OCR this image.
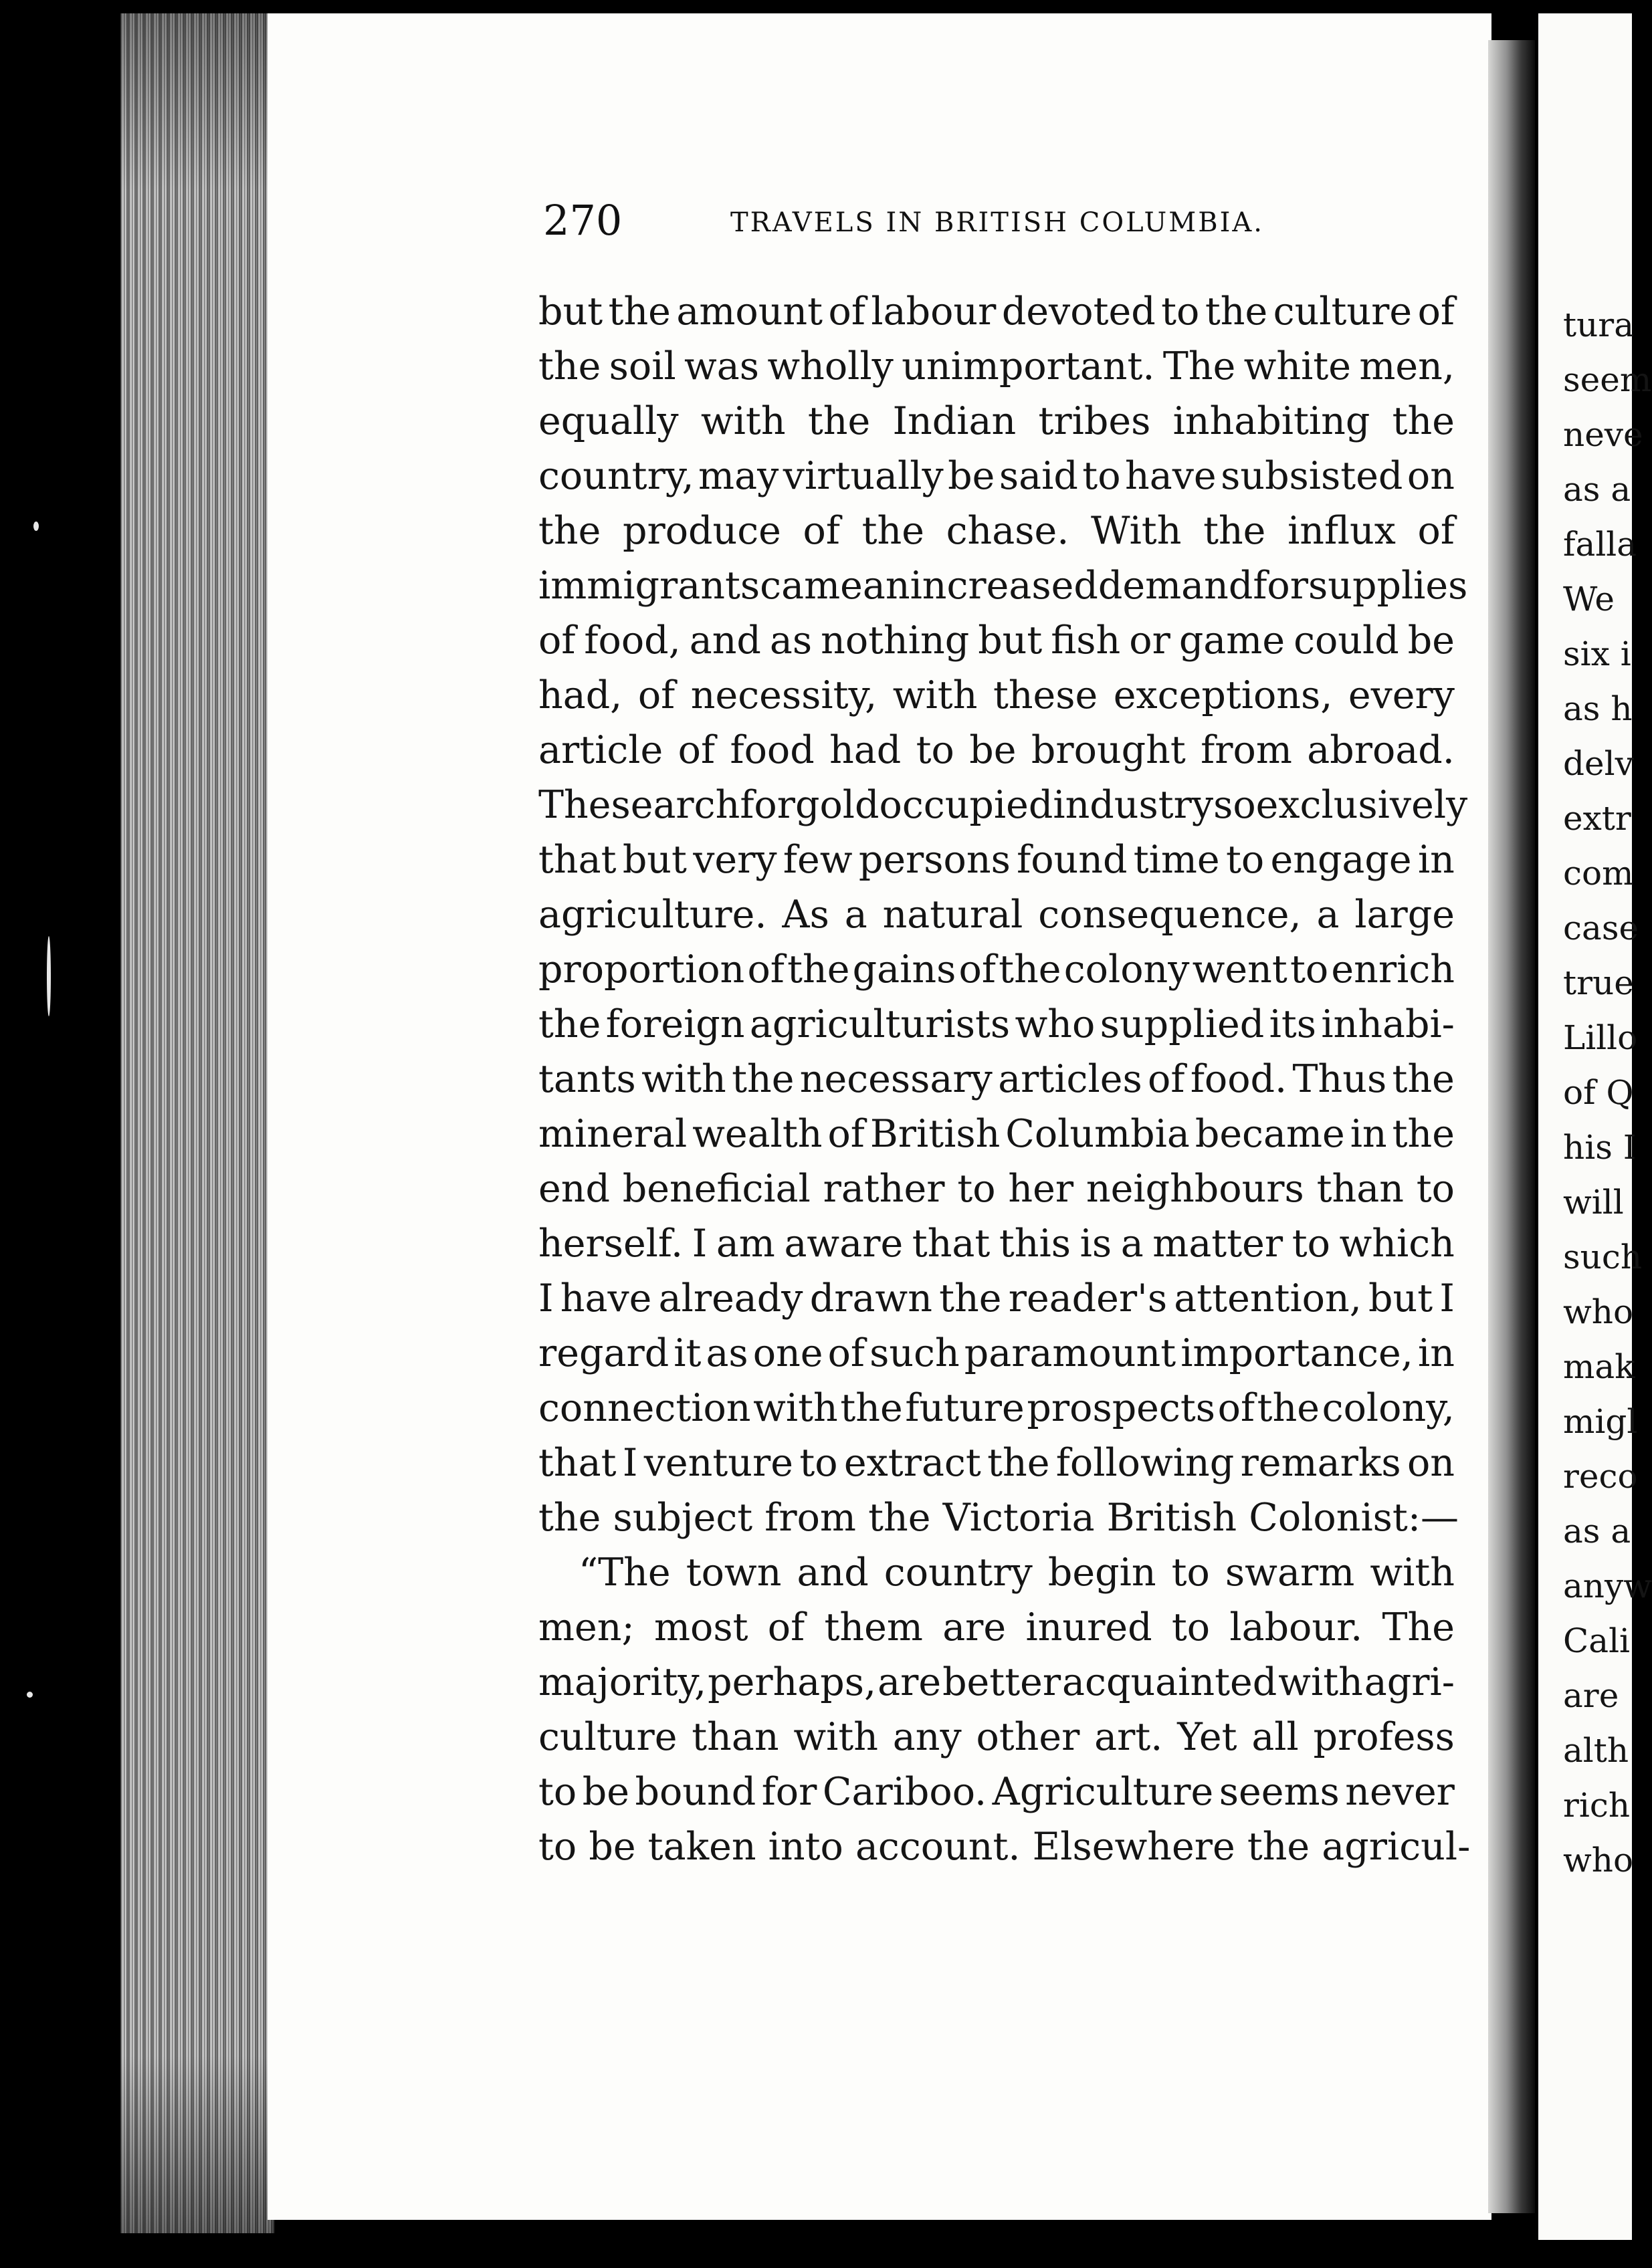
tura
seem
neve
as a
falla
We
six i
as h
delv
extr
com
case
true
Lillo
of Q
his I
will
such
who
mak
migl
reco
as a
anyw
Cali
are
alth
rich
who
270	TRAVELS IN BRITISH COLUMBIA.
but the amount of labour devoted to the culture of
the soil was wholly unimportant. The white men,
equally with the Indian tribes inhabiting the
country, may virtually be said to have subsisted on
the produce of the chase. With the influx of
immigrants came an increased demand for supplies
of food, and as nothing but fish or game could be
had, of necessity, with these exceptions, every
article of food had to be brought from abroad.
The search for gold occupied industry so exclusively
that but very few persons found time to engage in
agriculture. As a natural consequence, a large
proportion of the gains of the colony went to enrich
the foreign agriculturists who supplied its inhabi-
tants with the necessary articles of food. Thus the
mineral wealth of British Columbia became in the
end beneficial rather to her neighbours than to
herself. I am aware that this is a matter to which
I have already drawn the reader's attention, but I
regard it as one of such paramount importance, in
connection with the future prospects of the colony,
that I venture to extract the following remarks on
the subject from the Victoria British Colonist:—
“The town and country begin to swarm with
men; most of them are inured to labour. The
majority, perhaps, are better acquainted with agri-
culture than with any other art. Yet all profess
to be bound for Cariboo. Agriculture seems never
to be taken into account. Elsewhere the agricul-
